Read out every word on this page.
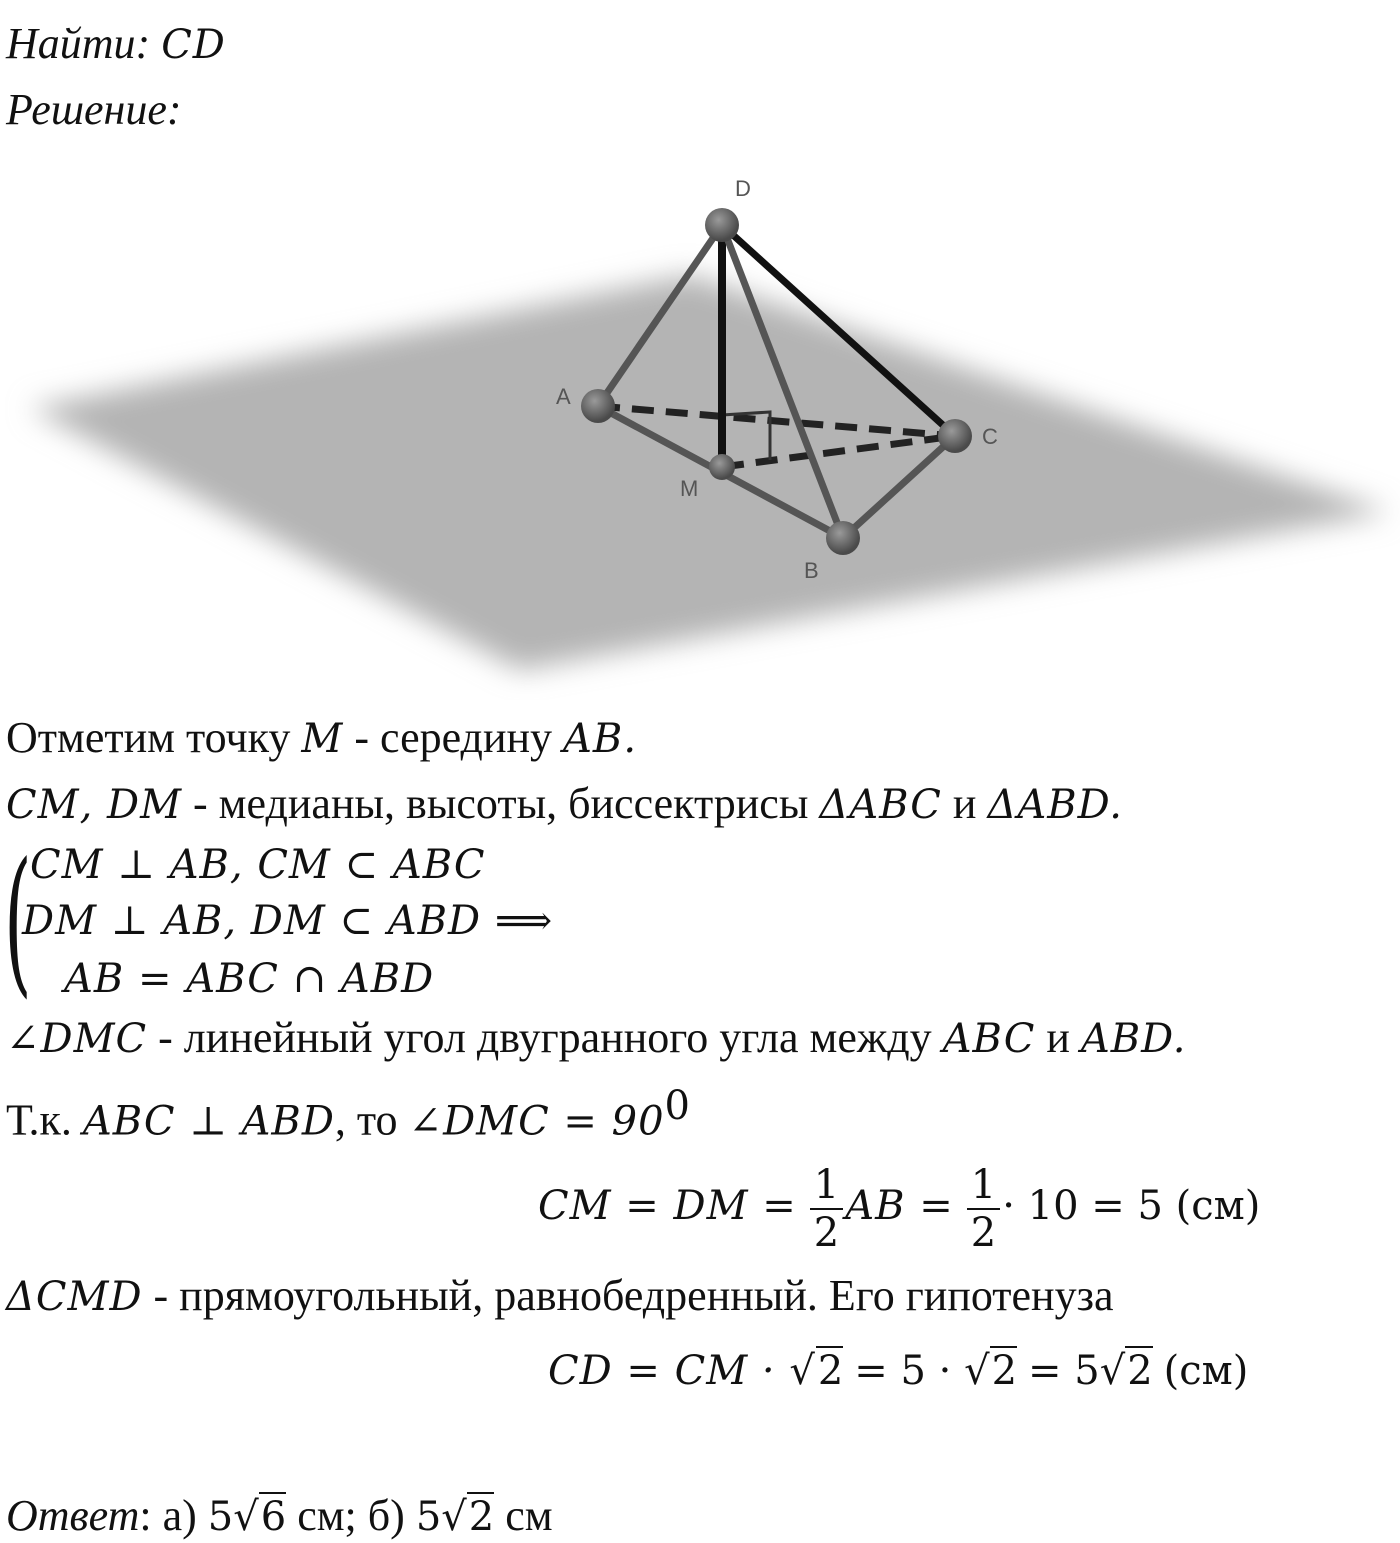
Найти: CD
Решение:
D
A
C
M
B
Отметим точку M - середину AB.
CM, DM - медианы, высоты, биссектрисы ΔABC и ΔABD.
(
CM ⊥ AB, CM ⊂ ABC
DM ⊥ AB, DM ⊂ ABD ⟹
AB = ABC ∩ ABD
∠DMC - линейный угол двугранного угла между ABC и ABD.
Т.к. ABC ⊥ ABD, то ∠DMC = $90^0$
CM = DM = $\frac{1}{2}$ AB = $\frac{1}{2} \cdot 10 = 5$ (см)
ΔCMD - прямоугольный, равнобедренный. Его гипотенуза
CD = CM · √2 = 5 · √2 = 5√2 (см)
Ответ: а) 5√6 см; б) 5√2 см
